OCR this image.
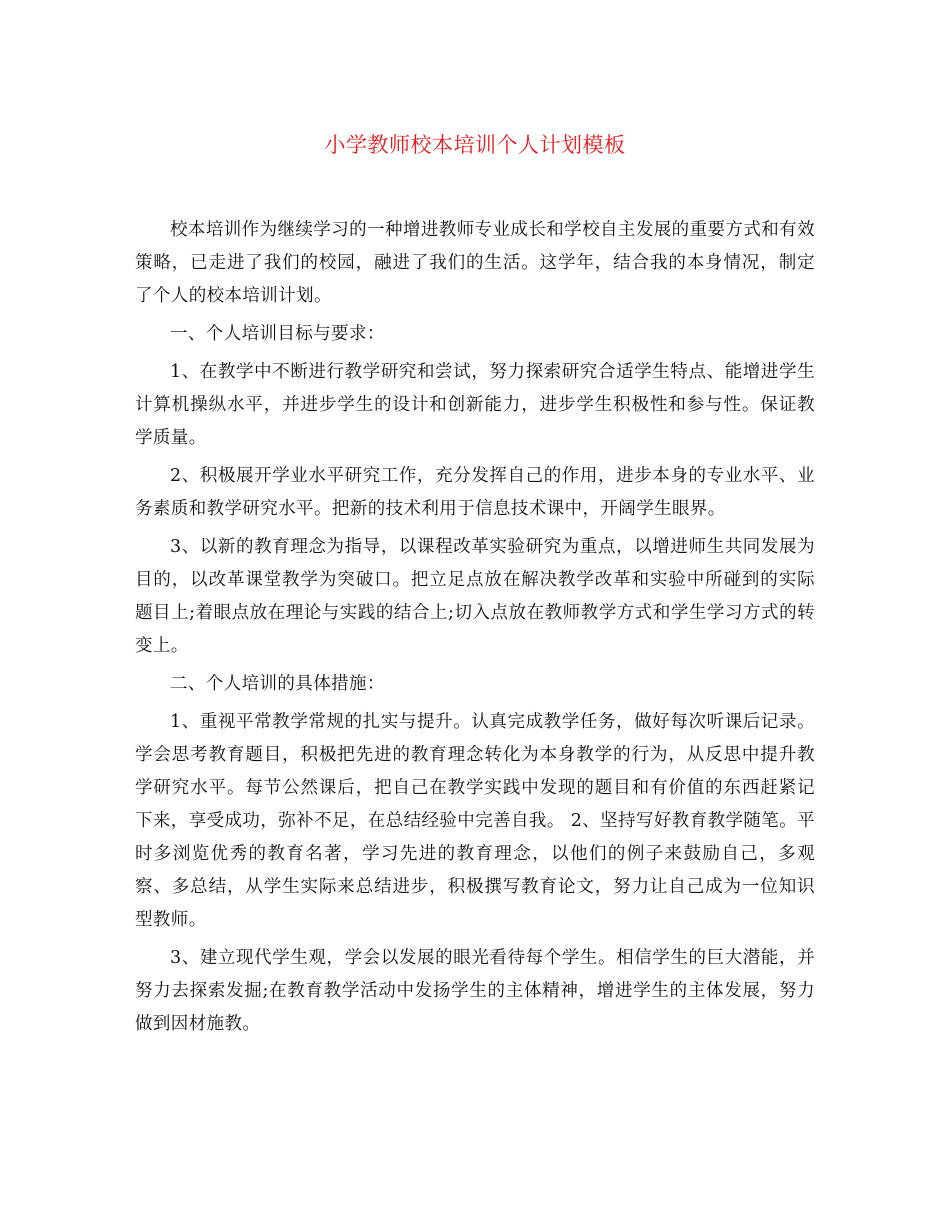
小学教师校本培训个人计划模板

校本培训作为继续学习的一种增进教师专业成长和学校自主发展的重要方式和有效策略，已走进了我们的校园，融进了我们的生活。这学年，结合我的本身情况，制定了个人的校本培训计划。

一、个人培训目标与要求：

1、在教学中不断进行教学研究和尝试，努力探索研究合适学生特点、能增进学生计算机操纵水平，并进步学生的设计和创新能力，进步学生积极性和参与性。保证教学质量。

2、积极展开学业水平研究工作，充分发挥自己的作用，进步本身的专业水平、业务素质和教学研究水平。把新的技术利用于信息技术课中，开阔学生眼界。

3、以新的教育理念为指导，以课程改革实验研究为重点，以增进师生共同发展为目的，以改革课堂教学为突破口。把立足点放在解决教学改革和实验中所碰到的实际题目上;着眼点放在理论与实践的结合上;切入点放在教师教学方式和学生学习方式的转变上。

二、个人培训的具体措施：

1、重视平常教学常规的扎实与提升。认真完成教学任务，做好每次听课后记录。学会思考教育题目，积极把先进的教育理念转化为本身教学的行为，从反思中提升教学研究水平。每节公然课后，把自己在教学实践中发现的题目和有价值的东西赶紧记下来，享受成功，弥补不足，在总结经验中完善自我。 2、坚持写好教育教学随笔。平时多浏览优秀的教育名著，学习先进的教育理念，以他们的例子来鼓励自己，多观察、多总结，从学生实际来总结进步，积极撰写教育论文，努力让自己成为一位知识型教师。

3、建立现代学生观，学会以发展的眼光看待每个学生。相信学生的巨大潜能，并努力去探索发掘;在教育教学活动中发扬学生的主体精神，增进学生的主体发展，努力做到因材施教。
